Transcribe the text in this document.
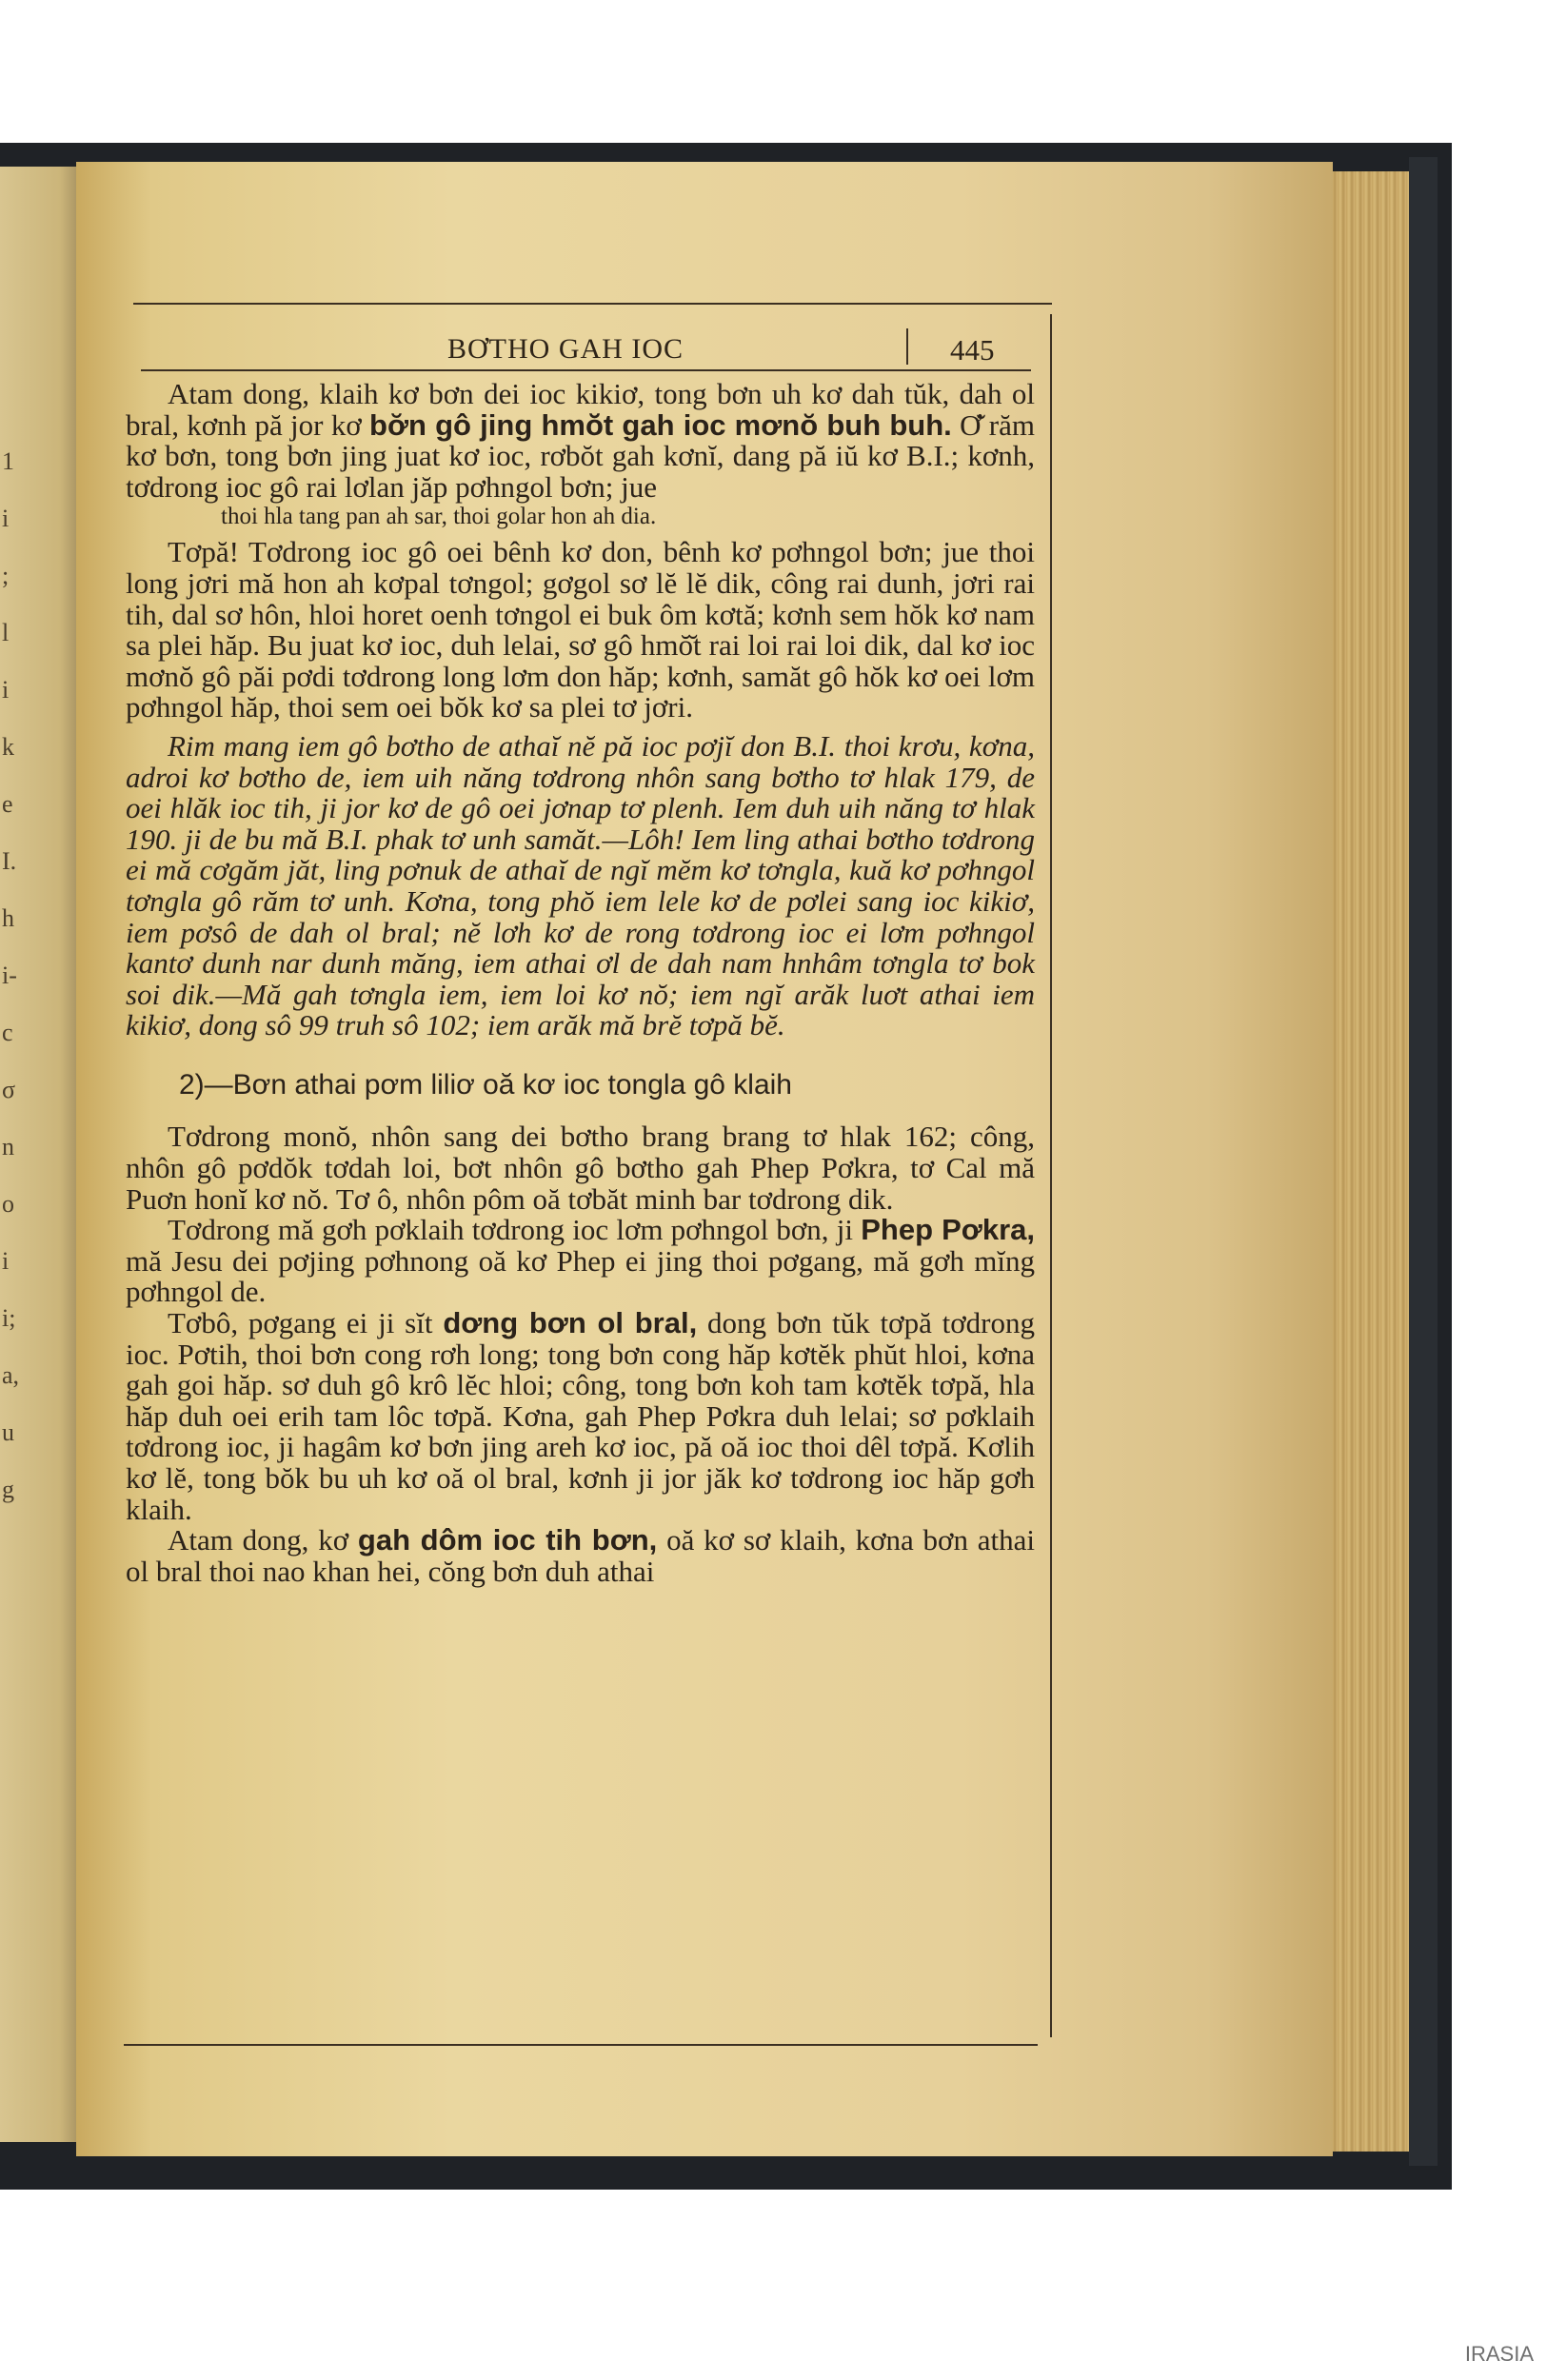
1 i ; l i k e I. h i- c σ n oi i; a, ug
BƠTHO GAH IOC	445

Atam dong, klaih kơ bơn dei ioc kikiơ, tong bơn uh kơ dah tŭk, dah ol bral, kơnh pă jor kơ bơ̆n gô jing hmŏ̆t gah ioc mơnŏ buh buh. Ơ̆ răm kơ bơn, tong bơn jing juat kơ ioc, rơbŏt gah kơnĭ, dang pă iŭ kơ B.I.; kơnh, tơdrong ioc gô rai lơlan jăp pơhngol bơn; jue

thoi hla tang pan ah sar, thoi golar hon ah dia.

Tơpă! Tơdrong ioc gô oei bênh kơ don, bênh kơ pơhngol bơn; jue thoi long jơri mă hon ah kơpal tơngol; gơgol sơ lĕ lĕ dik, công rai dunh, jơri rai tih, dal sơ hôn, hloi horet oenh tơngol ei buk ôm kơtă; kơnh sem hŏk kơ nam sa plei hăp. Bu juat kơ ioc, duh lelai, sơ gô hmŏ̆t rai loi rai loi dik, dal kơ ioc mơnŏ gô păi pơdi tơdrong long lơm don hăp; kơnh, samăt gô hŏk kơ oei lơm pơhngol hăp, thoi sem oei bŏk kơ sa plei tơ jơri.

Rim mang iem gô bơtho de athaĭ nĕ pă ioc pơjĭ don B.I. thoi krơu, kơna, adroi kơ bơtho de, iem uih năng tơdrong nhôn sang bơtho tơ hlak 179, de oei hlăk ioc tih, ji jor kơ de gô oei jơnap tơ plenh. Iem duh uih năng tơ hlak 190. ji de bu mă B.I. phak tơ unh samăt.—Lôh! Iem ling athai bơtho tơdrong ei mă cơgăm jăt, ling pơnuk de athaĭ de ngĭ mĕm kơ tơngla, kuă kơ pơhngol tơngla gô răm tơ unh. Kơna, tong phŏ iem lele kơ de pơlei sang ioc kikiơ, iem pơsô de dah ol bral; nĕ lơh kơ de rong tơdrong ioc ei lơm pơhngol kantơ dunh nar dunh măng, iem athai ơl de dah nam hnhâm tơngla tơ bok soi dik.—Mă gah tơngla iem, iem loi kơ nŏ; iem ngĭ arăk luơt athai iem kikiơ, dong sô 99 truh sô 102; iem arăk mă brĕ tơpă bĕ.

2)—Bơn athai pơm liliơ oă kơ ioc tongla gô klaih

Tơdrong monŏ, nhôn sang dei bơtho brang brang tơ hlak 162; công, nhôn gô pơdŏk tơdah loi, bơt nhôn gô bơtho gah Phep Pơkra, tơ Cal mă Puơn honĭ kơ nŏ. Tơ ô, nhôn pôm oă tơbăt minh bar tơdrong dik.

Tơdrong mă gơh pơklaih tơdrong ioc lơm pơhngol bơn, ji Phep Pơkra, mă Jesu dei pơjing pơhnong oă kơ Phep ei jing thoi pơgang, mă gơh mĭng pơhngol de.

Tơbô, pơgang ei ji sĭt dơng bơn ol bral, dong bơn tŭk tơpă tơdrong ioc. Pơtih, thoi bơn cong rơh long; tong bơn cong hăp kơtĕk phŭt hloi, kơna gah goi hăp. sơ duh gô krô lĕc hloi; công, tong bơn koh tam kơtĕk tơpă, hla hăp duh oei erih tam lôc tơpă. Kơna, gah Phep Pơkra duh lelai; sơ pơklaih tơdrong ioc, ji hagâm kơ bơn jing areh kơ ioc, pă oă ioc thoi dêl tơpă. Kơlih kơ lĕ, tong bŏk bu uh kơ oă ol bral, kơnh ji jor jăk kơ tơdrong ioc hăp gơh klaih.

Atam dong, kơ gah dôm ioc tih bơn, oă kơ sơ klaih, kơna bơn athai ol bral thoi nao khan hei, cŏng bơn duh athai

IRASIA
